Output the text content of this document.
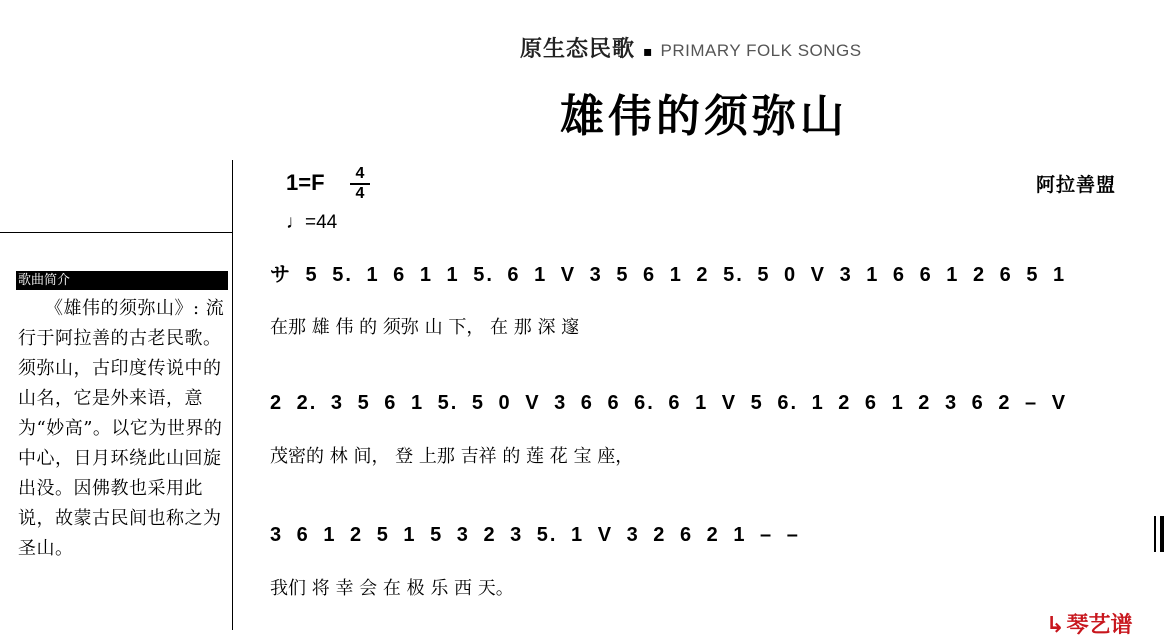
歌曲简介
《雄伟的须弥山》: 流行于阿拉善的古老民歌。须弥山，古印度传说中的山名，它是外来语，意为“妙高”。以它为世界的中心，日月环绕此山回旋出没。因佛教也采用此说，故蒙古民间也称之为圣山。
原生态民歌 ▪ PRIMARY FOLK SONGS
雄伟的须弥山
1=F	4
4
♩=44
阿拉善盟
サ 5 5. 1 6 1 1 5. 6 1 V 3 5 6 1 2 5. 5 0 V 3 1 6 6 1 2 6 5 1
在那 雄 伟 的 须弥 山 下， 在 那 深 邃
2 2. 3 5 6 1 5. 5 0 V 3 6 6 6. 6 1 V 5 6. 1 2 6 1 2 3 6 2 – V
茂密的 林 间， 登 上那 吉祥 的 莲 花 宝 座，
3 6 1 2 5 1 5 3 2 3 5. 1 V 3 2 6 2 1 – –
我们 将 幸 会 在 极 乐 西 天。
↳琴艺谱
